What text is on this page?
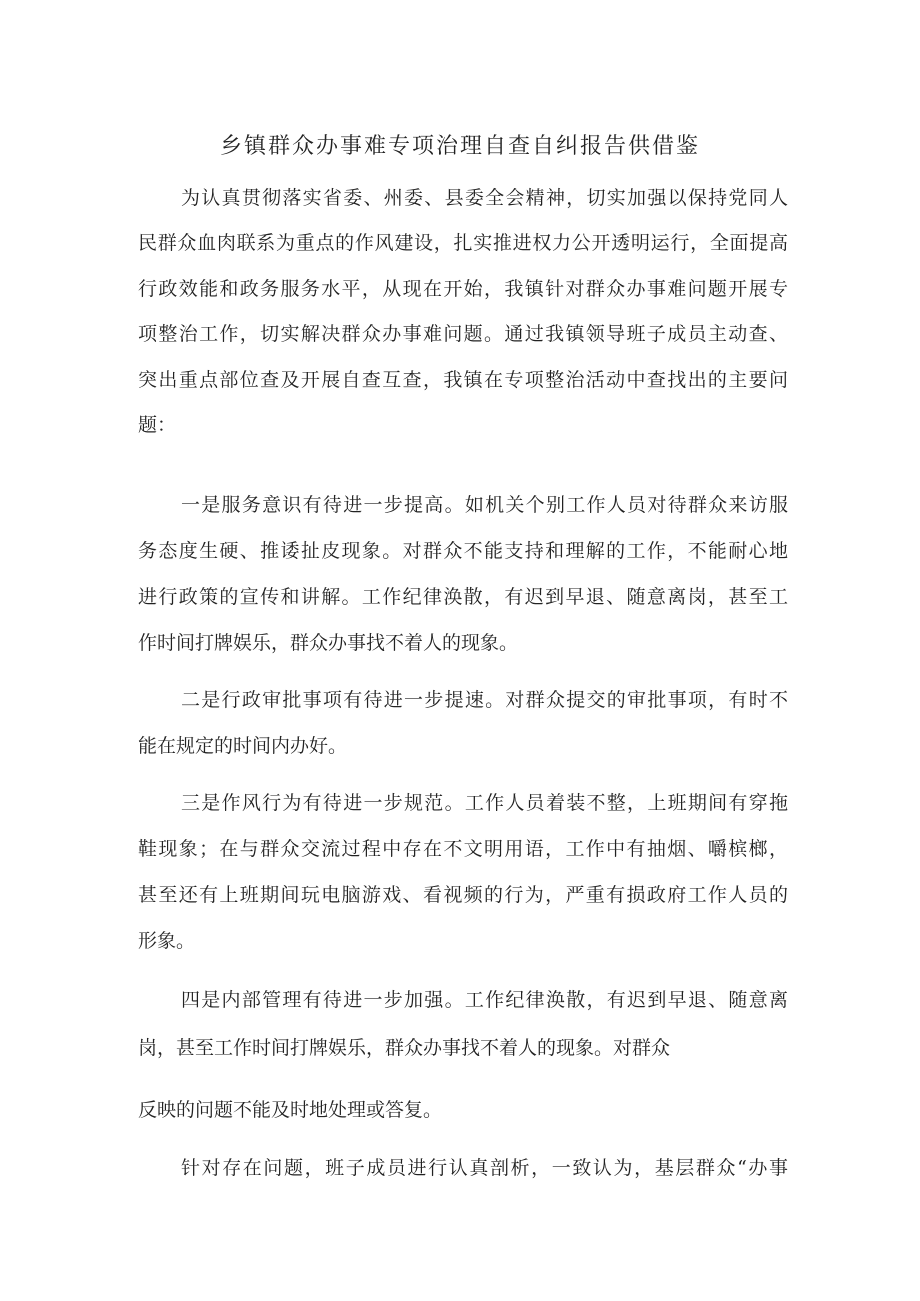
乡镇群众办事难专项治理自查自纠报告供借鉴
为认真贯彻落实省委、州委、县委全会精神，切实加强以保持党同人
民群众血肉联系为重点的作风建设，扎实推进权力公开透明运行，全面提高
行政效能和政务服务水平，从现在开始，我镇针对群众办事难问题开展专
项整治工作，切实解决群众办事难问题。通过我镇领导班子成员主动查、
突出重点部位查及开展自查互查，我镇在专项整治活动中查找出的主要问
题：
一是服务意识有待进一步提高。如机关个别工作人员对待群众来访服
务态度生硬、推诿扯皮现象。对群众不能支持和理解的工作，不能耐心地
进行政策的宣传和讲解。工作纪律涣散，有迟到早退、随意离岗，甚至工
作时间打牌娱乐，群众办事找不着人的现象。
二是行政审批事项有待进一步提速。对群众提交的审批事项，有时不
能在规定的时间内办好。
三是作风行为有待进一步规范。工作人员着装不整，上班期间有穿拖
鞋现象；在与群众交流过程中存在不文明用语，工作中有抽烟、嚼槟榔，
甚至还有上班期间玩电脑游戏、看视频的行为，严重有损政府工作人员的
形象。
四是内部管理有待进一步加强。工作纪律涣散，有迟到早退、随意离
岗，甚至工作时间打牌娱乐，群众办事找不着人的现象。对群众
反映的问题不能及时地处理或答复。
针对存在问题，班子成员进行认真剖析，一致认为，基层群众“办事
